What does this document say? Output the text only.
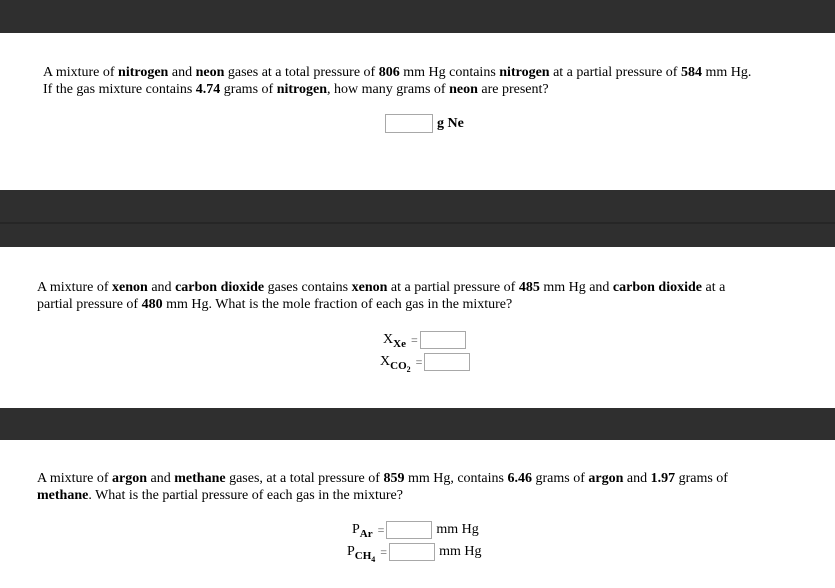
A mixture of nitrogen and neon gases at a total pressure of 806 mm Hg contains nitrogen at a partial pressure of 584 mm Hg.
If the gas mixture contains 4.74 grams of nitrogen, how many grams of neon are present?
g Ne
A mixture of xenon and carbon dioxide gases contains xenon at a partial pressure of 485 mm Hg and carbon dioxide at a
partial pressure of 480 mm Hg. What is the mole fraction of each gas in the mixture?
$X_{Xe}$ =
$X_{CO2}$
=
A mixture of argon and methane gases, at a total pressure of 859 mm Hg, contains 6.46 grams of argon and 1.97 grams of
methane. What is the partial pressure of each gas in the mixture?
$P_{Ar}$ =	mm Hg
$P_{CH4}$
=	mm Hg
